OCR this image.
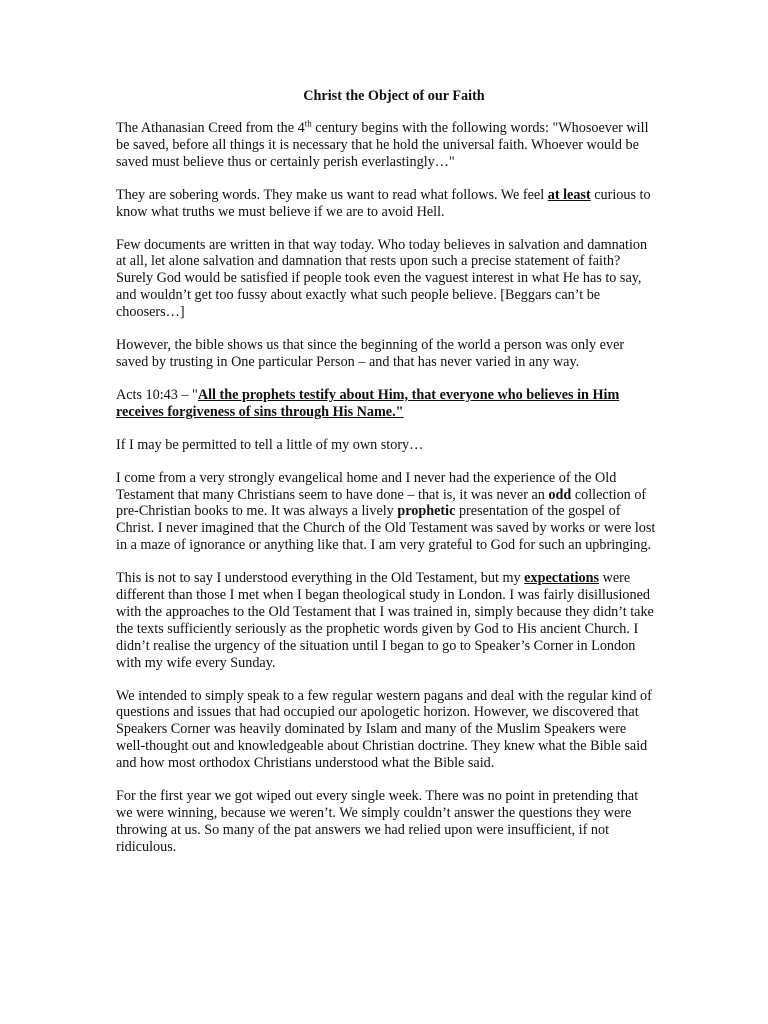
Christ the Object of our Faith

The Athanasian Creed from the 4th century begins with the following words: "Whosoever will be saved, before all things it is necessary that he hold the universal faith. Whoever would be saved must believe thus or certainly perish everlastingly…"

They are sobering words. They make us want to read what follows. We feel at least curious to know what truths we must believe if we are to avoid Hell.

Few documents are written in that way today. Who today believes in salvation and damnation at all, let alone salvation and damnation that rests upon such a precise statement of faith? Surely God would be satisfied if people took even the vaguest interest in what He has to say, and wouldn’t get too fussy about exactly what such people believe. [Beggars can’t be choosers…]

However, the bible shows us that since the beginning of the world a person was only ever saved by trusting in One particular Person – and that has never varied in any way.

Acts 10:43 – "All the prophets testify about Him, that everyone who believes in Him receives forgiveness of sins through His Name."

If I may be permitted to tell a little of my own story…

I come from a very strongly evangelical home and I never had the experience of the Old Testament that many Christians seem to have done – that is, it was never an odd collection of pre-Christian books to me. It was always a lively prophetic presentation of the gospel of Christ. I never imagined that the Church of the Old Testament was saved by works or were lost in a maze of ignorance or anything like that. I am very grateful to God for such an upbringing.

This is not to say I understood everything in the Old Testament, but my expectations were different than those I met when I began theological study in London. I was fairly disillusioned with the approaches to the Old Testament that I was trained in, simply because they didn’t take the texts sufficiently seriously as the prophetic words given by God to His ancient Church. I didn’t realise the urgency of the situation until I began to go to Speaker’s Corner in London with my wife every Sunday.

We intended to simply speak to a few regular western pagans and deal with the regular kind of questions and issues that had occupied our apologetic horizon. However, we discovered that Speakers Corner was heavily dominated by Islam and many of the Muslim Speakers were well-thought out and knowledgeable about Christian doctrine. They knew what the Bible said and how most orthodox Christians understood what the Bible said.

For the first year we got wiped out every single week. There was no point in pretending that we were winning, because we weren’t. We simply couldn’t answer the questions they were throwing at us. So many of the pat answers we had relied upon were insufficient, if not ridiculous.
